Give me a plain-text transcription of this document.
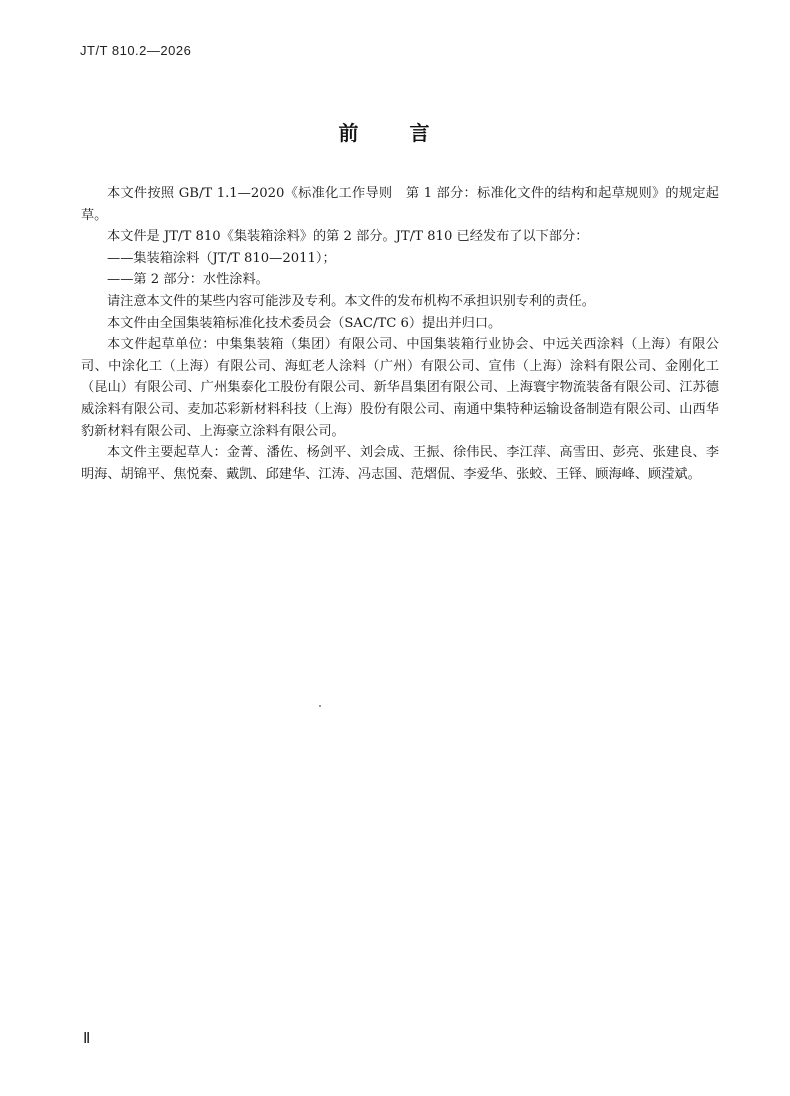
JT/T 810.2—2026
前 言

本文件按照 GB/T 1.1—2020《标准化工作导则　第 1 部分：标准化文件的结构和起草规则》的规定起草。

本文件是 JT/T 810《集装箱涂料》的第 2 部分。JT/T 810 已经发布了以下部分：

——集装箱涂料（JT/T 810—2011）；

——第 2 部分：水性涂料。

请注意本文件的某些内容可能涉及专利。本文件的发布机构不承担识别专利的责任。

本文件由全国集装箱标准化技术委员会（SAC/TC 6）提出并归口。

本文件起草单位：中集集装箱（集团）有限公司、中国集装箱行业协会、中远关西涂料（上海）有限公司、中涂化工（上海）有限公司、海虹老人涂料（广州）有限公司、宣伟（上海）涂料有限公司、金刚化工（昆山）有限公司、广州集泰化工股份有限公司、新华昌集团有限公司、上海寰宇物流装备有限公司、江苏德威涂料有限公司、麦加芯彩新材料科技（上海）股份有限公司、南通中集特种运输设备制造有限公司、山西华豹新材料有限公司、上海豪立涂料有限公司。

本文件主要起草人：金菁、潘佐、杨剑平、刘会成、王振、徐伟民、李江萍、高雪田、彭亮、张建良、李明海、胡锦平、焦悦秦、戴凯、邱建华、江涛、冯志国、范熠侃、李爱华、张蛟、王铎、顾海峰、顾滢斌。

Ⅱ
